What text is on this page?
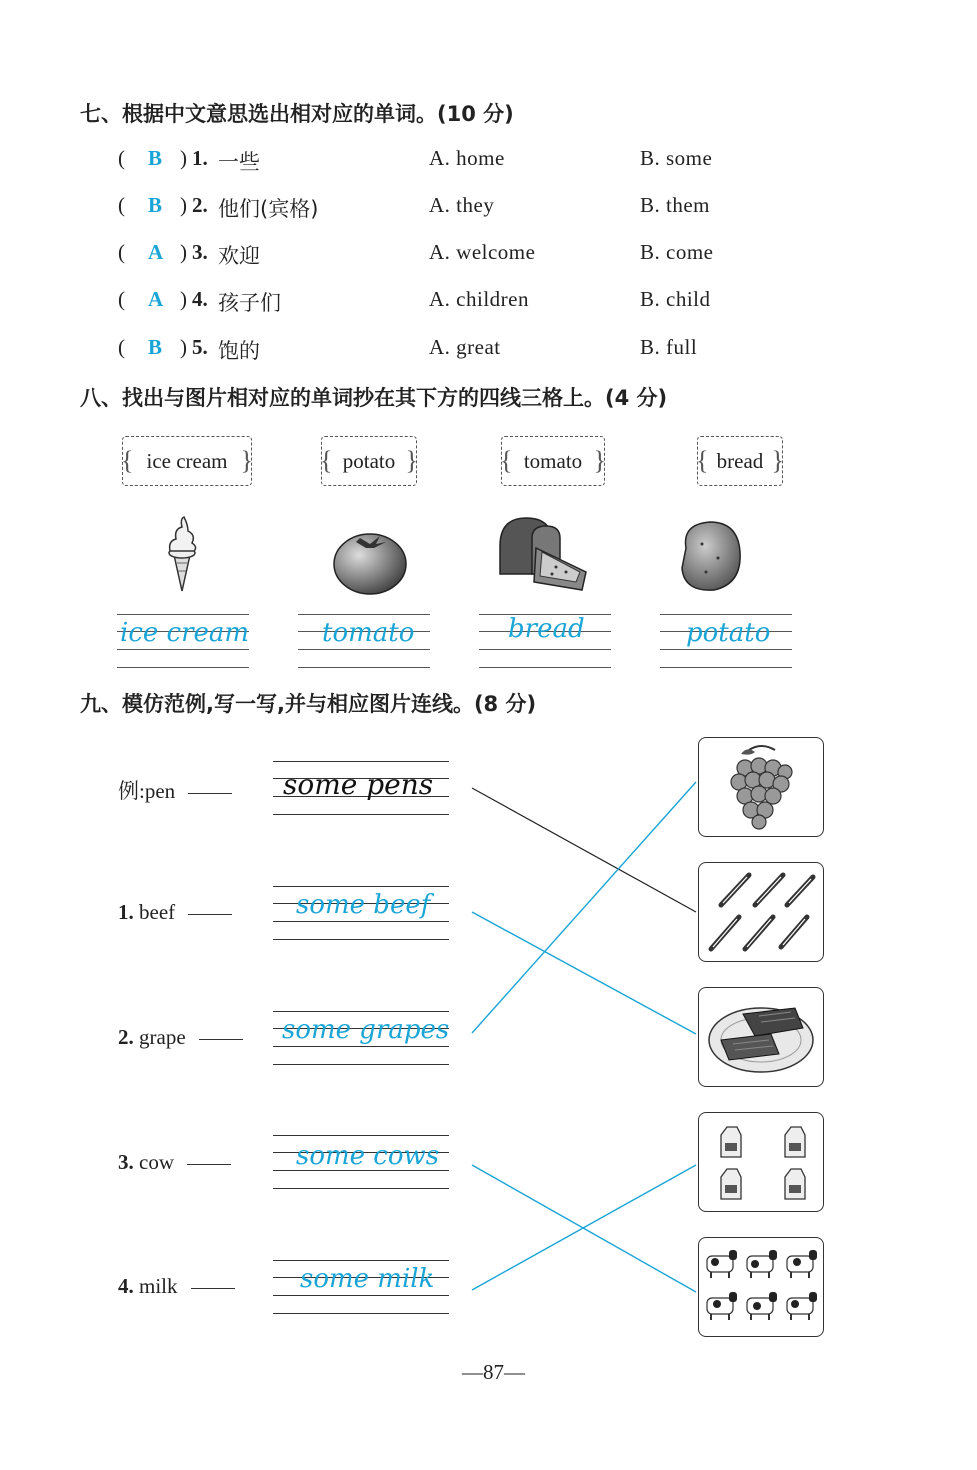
七、根据中文意思选出相对应的单词。(10 分)
( B ) 1. 一些	A. home	B. some
( B ) 2. 他们(宾格)	A. they	B. them
( A ) 3. 欢迎	A. welcome	B. come
( A ) 4. 孩子们	A. children	B. child
( B ) 5. 饱的	A. great	B. full
八、找出与图片相对应的单词抄在其下方的四线三格上。(4 分)
{ ice cream }	{ potato }	{ tomato }	{ bread }
ice cream	tomato	bread	potato
九、模仿范例,写一写,并与相应图片连线。(8 分)
例:pen
1. beef
2. grape
3. cow
4. milk
some pens
some beef
some grapes
some cows
some milk
—87—
